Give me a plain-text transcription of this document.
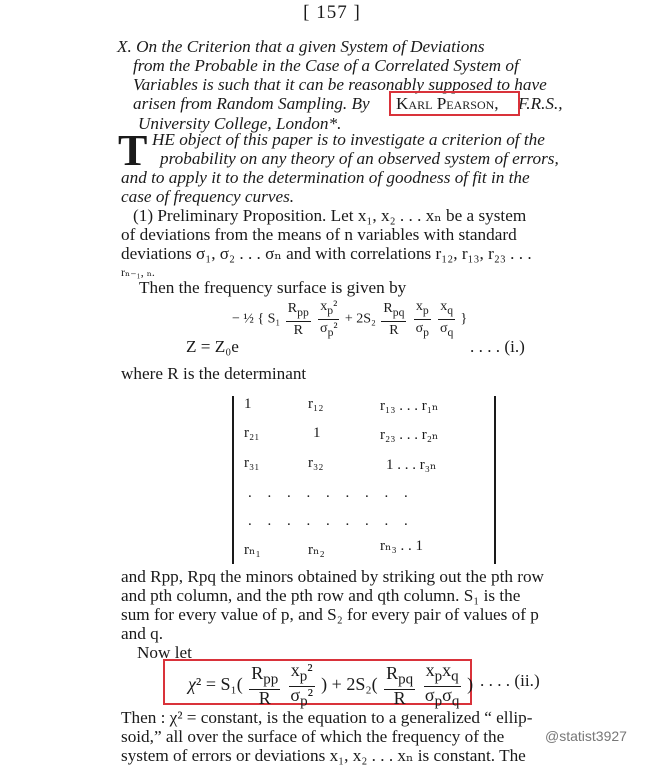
[ 157 ]
X. On the Criterion that a given System of Deviations
from the Probable in the Case of a Correlated System of
Variables is such that it can be reasonably supposed to have
arisen from Random Sampling. By Karl Pearson, F.R.S.,
University College, London*.
T HE object of this paper is to investigate a criterion of the
probability on any theory of an observed system of errors,
and to apply it to the determination of goodness of fit in the
case of frequency curves.
(1) Preliminary Proposition. Let x₁, x₂ . . . xₙ be a system
of deviations from the means of n variables with standard
deviations σ₁, σ₂ . . . σₙ and with correlations r₁₂, r₁₃, r₂₃ . . .
rₙ₋₁, ₙ.
Then the frequency surface is given by
− ½ { $S_1 \frac{R_{pp}}{R}$
$\frac{x_p^2}{\sigma_p^2} + 2S_2 \frac{R_{pq}}{R}$
$\frac{x_p}{\sigma_p}$
$\frac{x_q}{\sigma_q}$ }
Z = Z₀e	. . . . (i.)
where R is the determinant
1	r₁₂	r₁₃ . . . r₁ₙ
r₂₁	1	r₂₃ . . . r₂ₙ
r₃₁	r₃₂	1 . . . r₃ₙ
. . . . . . . . .
. . . . . . . . .
rₙ₁	rₙ₂	rₙ₃ . . 1
and Rpp, Rpq the minors obtained by striking out the pth row
and pth column, and the pth row and qth column. S₁ is the
sum for every value of p, and S₂ for every pair of values of p
and q.
Now let
$\chi^2 = S_1( \frac{R_{pp}}{R}$
$\frac{x_p^2}{\sigma_p^2}$ ) + $2S_2( \frac{R_{pq}}{R}$
$\frac{x_px_q}{\sigma_p\sigma_q}$ ) . . . . (ii.)
Then : χ² = constant, is the equation to a generalized “ ellip-
soid,” all over the surface of which the frequency of the
system of errors or deviations x₁, x₂ . . . xₙ is constant. The
@statist3927
